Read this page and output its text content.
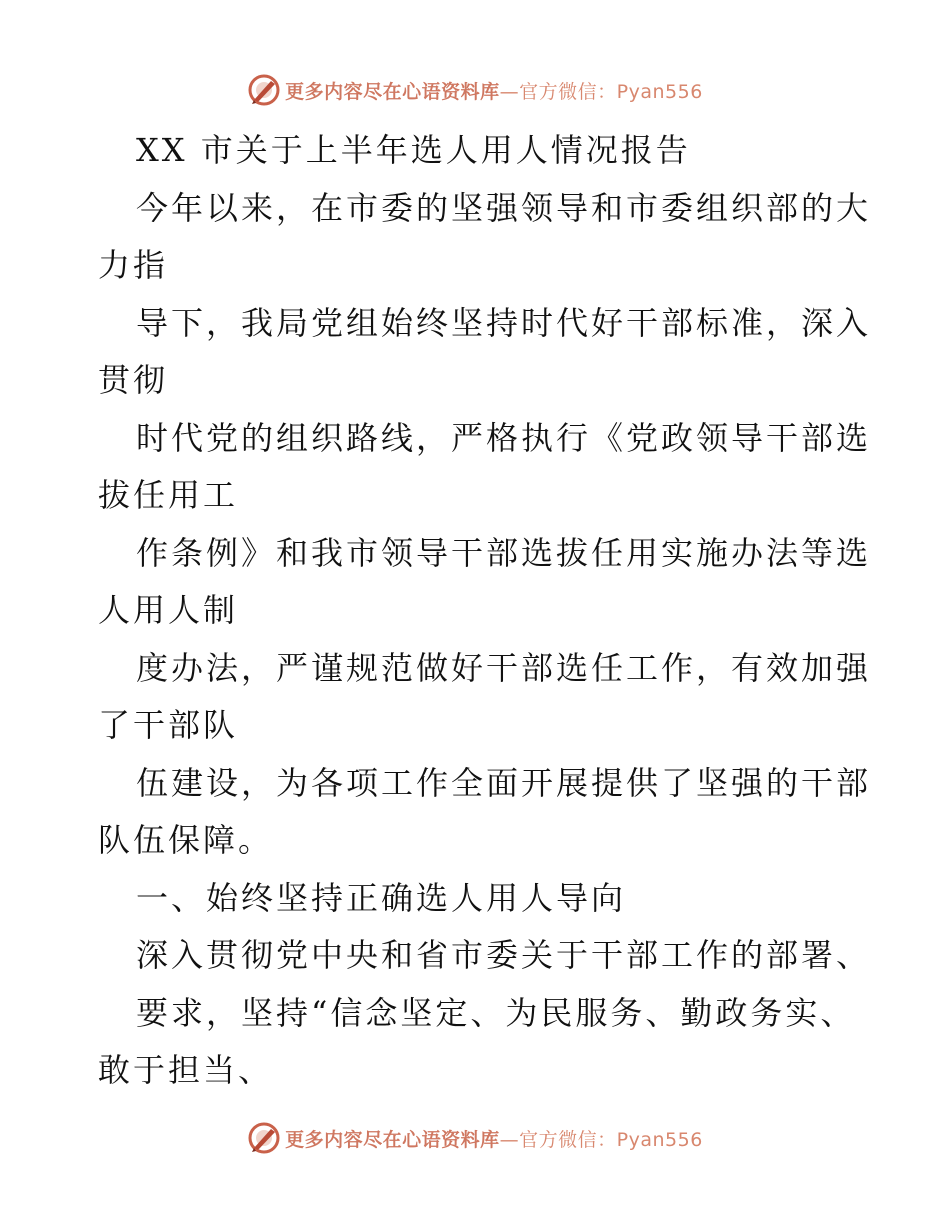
更多内容尽在心语资料库—官方微信：Pyan556
XX 市关于上半年选人用人情况报告
今年以来，在市委的坚强领导和市委组织部的大
力指
导下，我局党组始终坚持时代好干部标准，深入
贯彻
时代党的组织路线，严格执行《党政领导干部选
拔任用工
作条例》和我市领导干部选拔任用实施办法等选
人用人制
度办法，严谨规范做好干部选任工作，有效加强
了干部队
伍建设，为各项工作全面开展提供了坚强的干部
队伍保障。
一、始终坚持正确选人用人导向
深入贯彻党中央和省市委关于干部工作的部署、
要求，坚持“信念坚定、为民服务、勤政务实、
敢于担当、
更多内容尽在心语资料库—官方微信：Pyan556
